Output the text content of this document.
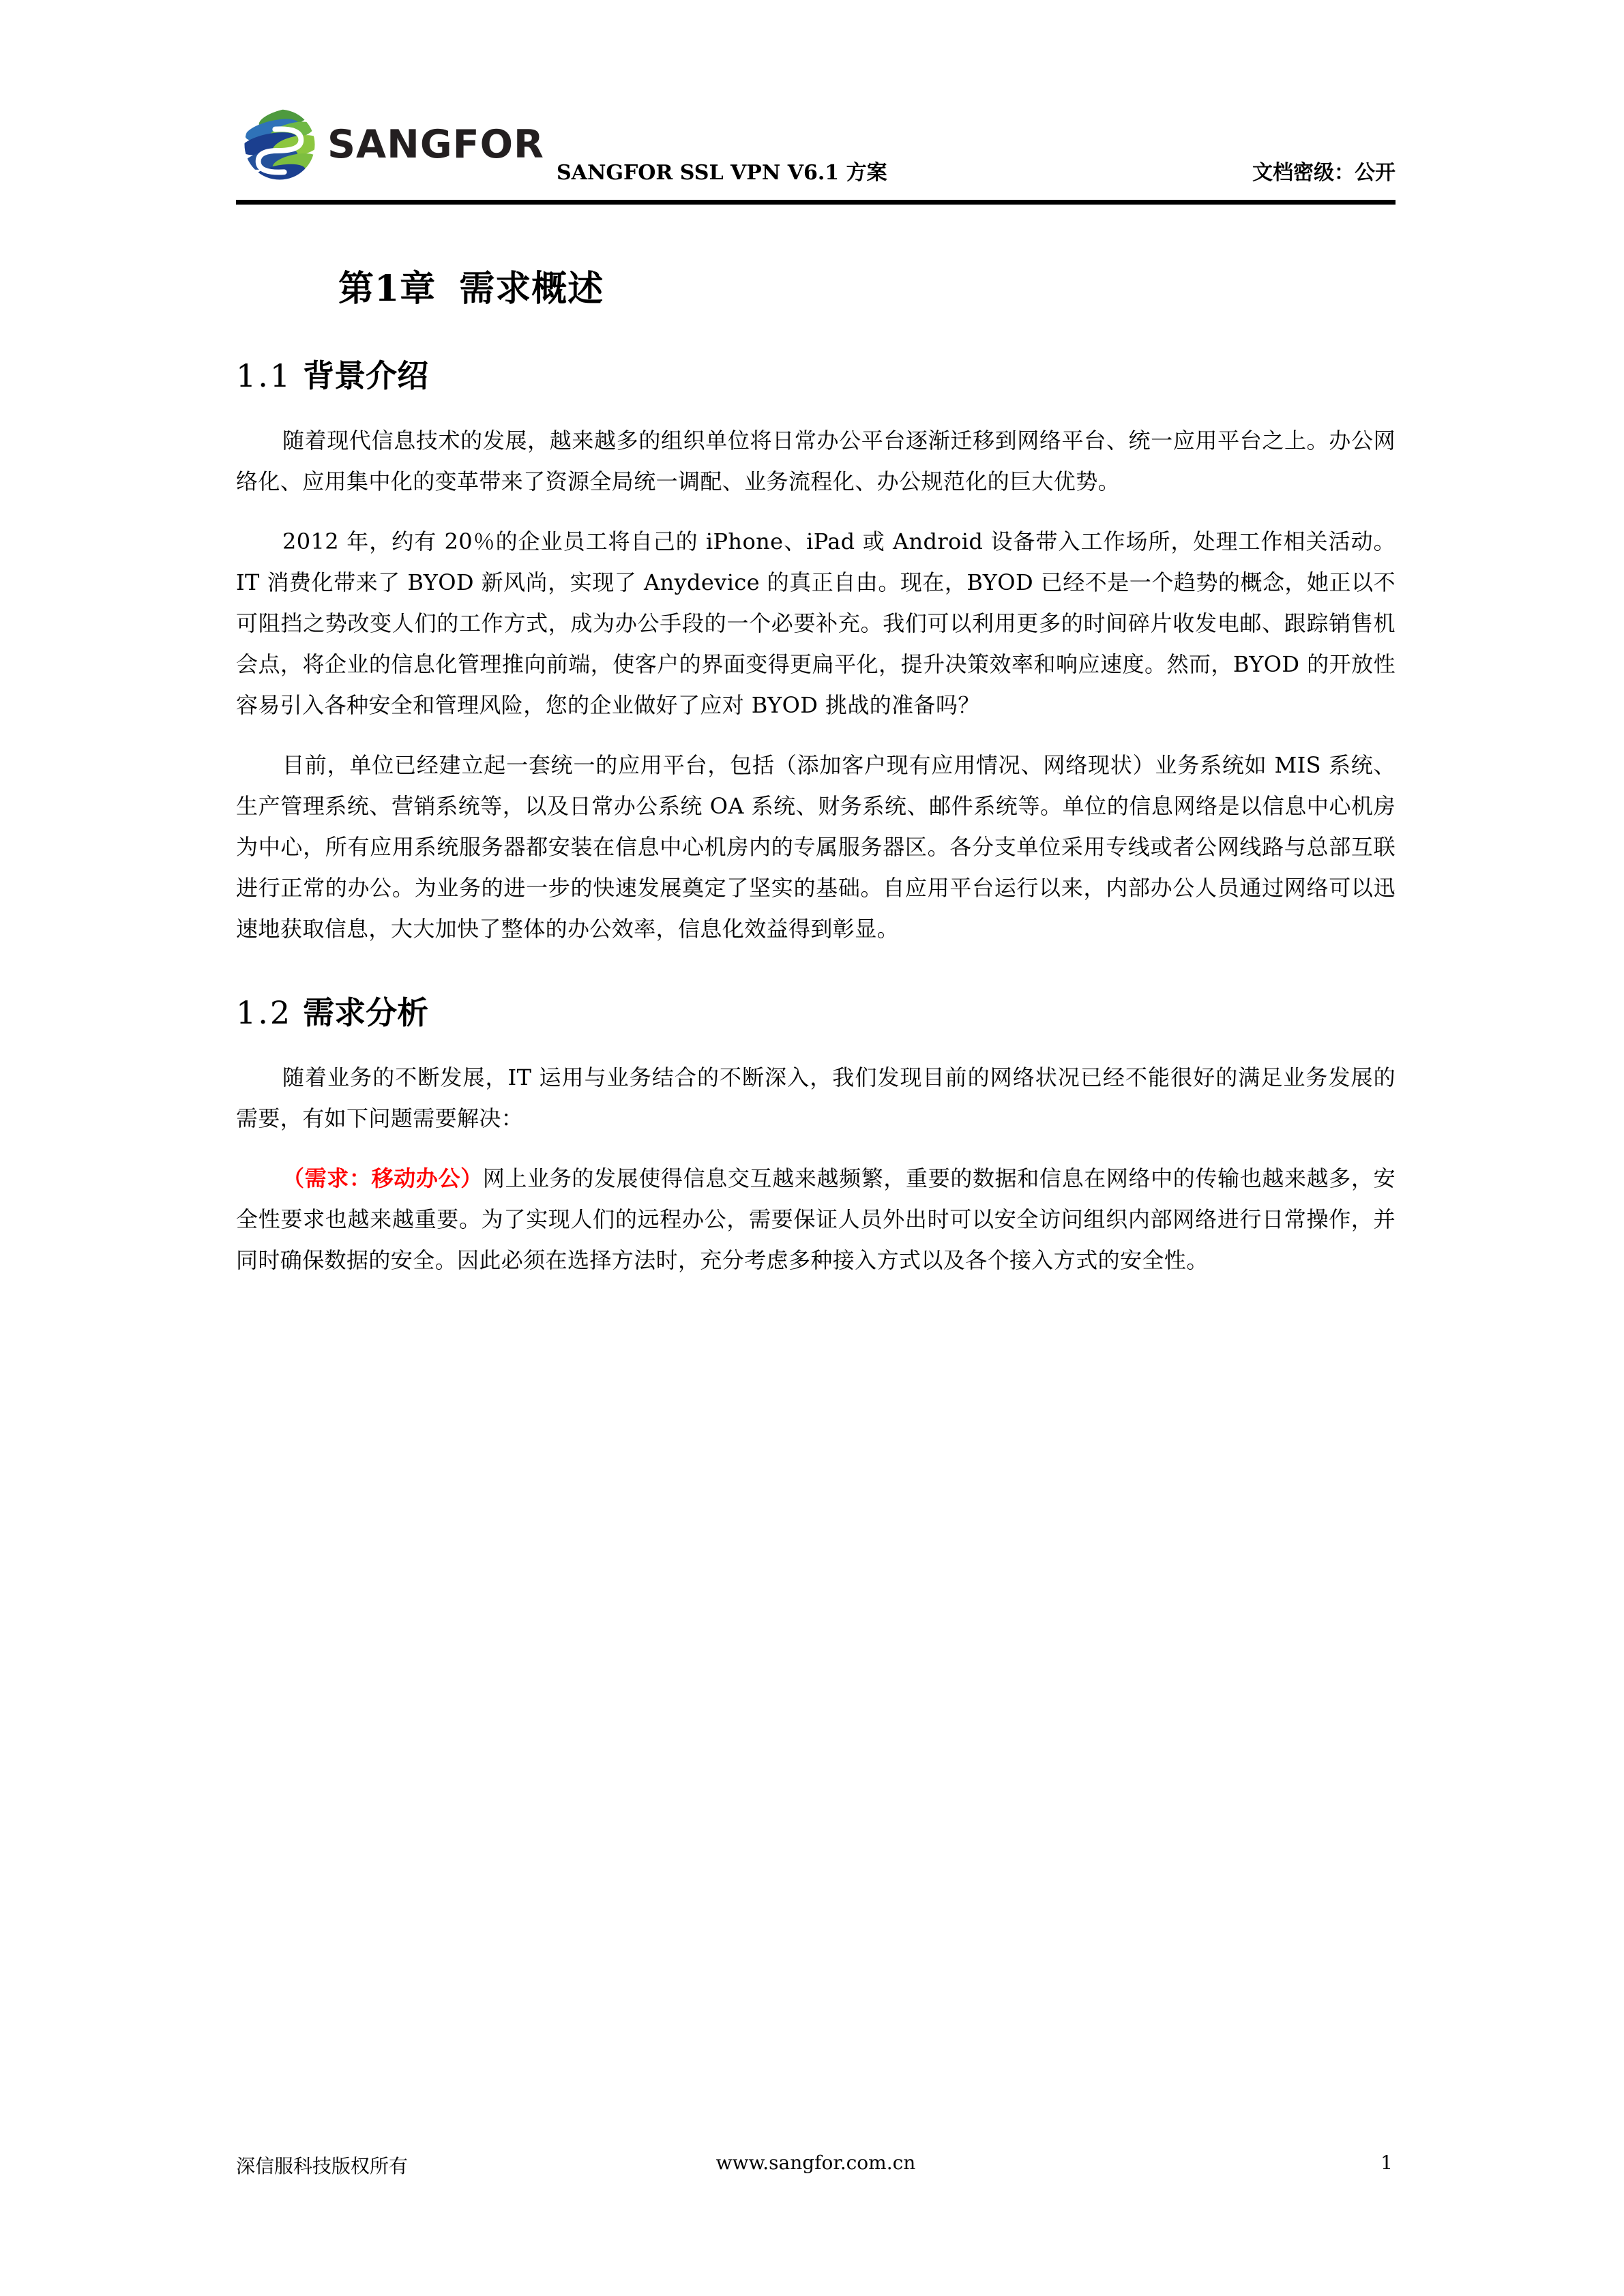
SANGFOR
SANGFOR SSL VPN V6.1 方案	文档密级：公开
第1章 需求概述
1.1 背景介绍

随着现代信息技术的发展，越来越多的组织单位将日常办公平台逐渐迁移到网络平台、统一应用平台之上。办公网络化、应用集中化的变革带来了资源全局统一调配、业务流程化、办公规范化的巨大优势。

2012 年，约有 20％的企业员工将自己的 iPhone、iPad 或 Android 设备带入工作场所，处理工作相关活动。IT 消费化带来了 BYOD 新风尚，实现了 Anydevice 的真正自由。现在，BYOD 已经不是一个趋势的概念，她正以不可阻挡之势改变人们的工作方式，成为办公手段的一个必要补充。我们可以利用更多的时间碎片收发电邮、跟踪销售机会点，将企业的信息化管理推向前端，使客户的界面变得更扁平化，提升决策效率和响应速度。然而，BYOD 的开放性容易引入各种安全和管理风险，您的企业做好了应对 BYOD 挑战的准备吗？

目前，单位已经建立起一套统一的应用平台，包括（添加客户现有应用情况、网络现状）业务系统如 MIS 系统、生产管理系统、营销系统等，以及日常办公系统 OA 系统、财务系统、邮件系统等。单位的信息网络是以信息中心机房为中心，所有应用系统服务器都安装在信息中心机房内的专属服务器区。各分支单位采用专线或者公网线路与总部互联进行正常的办公。为业务的进一步的快速发展奠定了坚实的基础。自应用平台运行以来，内部办公人员通过网络可以迅速地获取信息，大大加快了整体的办公效率，信息化效益得到彰显。

1.2 需求分析

随着业务的不断发展，IT 运用与业务结合的不断深入，我们发现目前的网络状况已经不能很好的满足业务发展的需要，有如下问题需要解决：

（需求：移动办公）网上业务的发展使得信息交互越来越频繁，重要的数据和信息在网络中的传输也越来越多，安全性要求也越来越重要。为了实现人们的远程办公，需要保证人员外出时可以安全访问组织内部网络进行日常操作，并同时确保数据的安全。因此必须在选择方法时，充分考虑多种接入方式以及各个接入方式的安全性。

深信服科技版权所有	www.sangfor.com.cn	1
